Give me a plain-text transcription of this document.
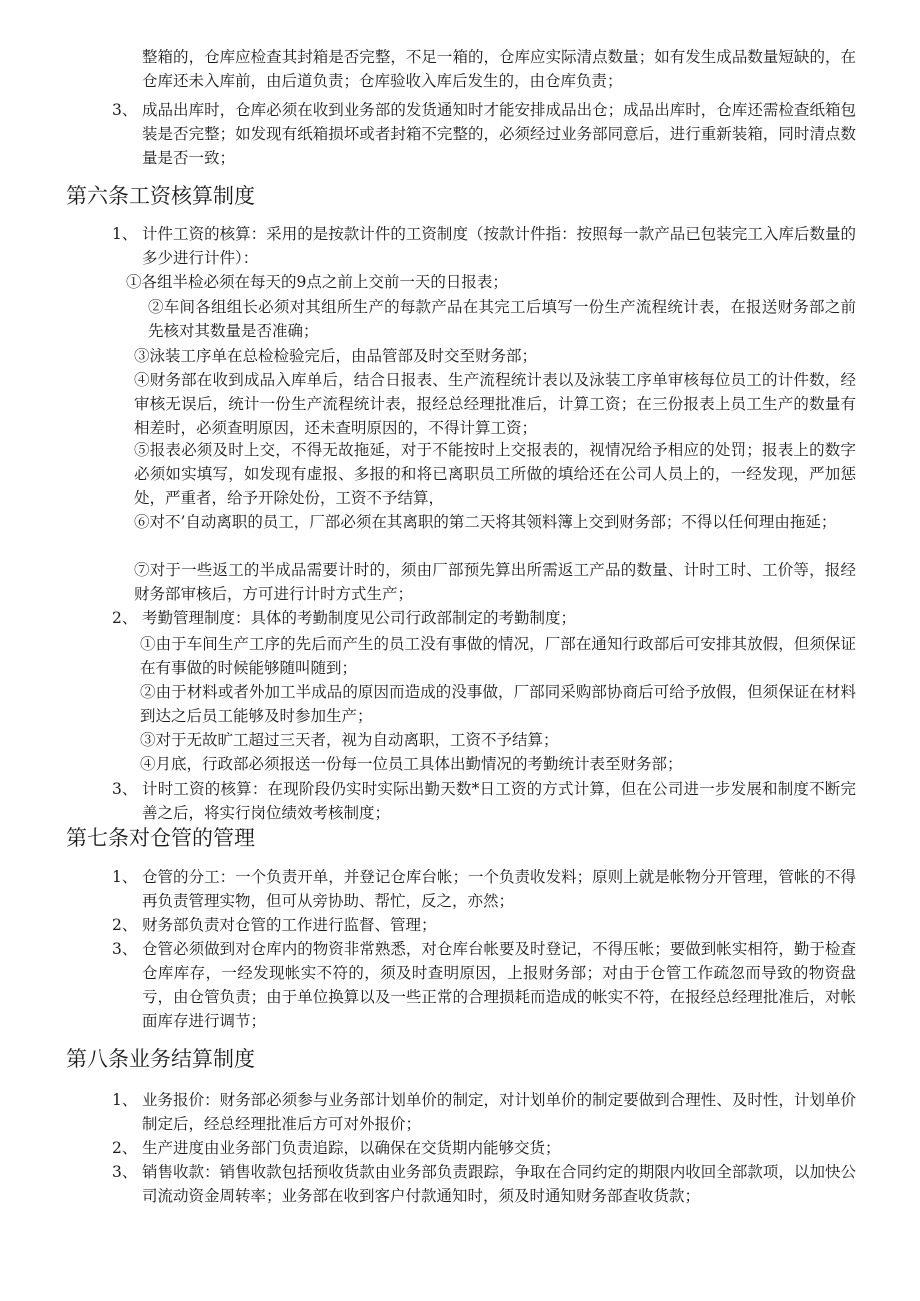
整箱的，仓库应检查其封箱是否完整，不足一箱的，仓库应实际清点数量；如有发生成品数量短缺的，在仓库还未入库前，由后道负责；仓库验收入库后发生的，由仓库负责；
3、 成品出库时，仓库必须在收到业务部的发货通知时才能安排成品出仓；成品出库时，仓库还需检查纸箱包装是否完整；如发现有纸箱损坏或者封箱不完整的，必须经过业务部同意后，进行重新装箱，同时清点数量是否一致；
第六条工资核算制度
1、 计件工资的核算：采用的是按款计件的工资制度（按款计件指：按照每一款产品已包装完工入库后数量的多少进行计件）：
①各组半检必须在每天的9点之前上交前一天的日报表；
②车间各组组长必须对其组所生产的每款产品在其完工后填写一份生产流程统计表，在报送财务部之前先核对其数量是否准确；
③泳装工序单在总检检验完后，由品管部及时交至财务部；
④财务部在收到成品入库单后，结合日报表、生产流程统计表以及泳装工序单审核每位员工的计件数，经审核无误后，统计一份生产流程统计表，报经总经理批准后，计算工资；在三份报表上员工生产的数量有相差时，必须查明原因，还未查明原因的，不得计算工资；
⑤报表必须及时上交，不得无故拖延，对于不能按时上交报表的，视情况给予相应的处罚；报表上的数字必须如实填写，如发现有虚报、多报的和将已离职员工所做的填给还在公司人员上的，一经发现，严加惩处，严重者，给予开除处份，工资不予结算，
⑥对不’自动离职的员工，厂部必须在其离职的第二天将其领料簿上交到财务部；不得以任何理由拖延；
⑦对于一些返工的半成品需要计时的，须由厂部预先算出所需返工产品的数量、计时工时、工价等，报经财务部审核后，方可进行计时方式生产；
2、 考勤管理制度：具体的考勤制度见公司行政部制定的考勤制度；
①由于车间生产工序的先后而产生的员工没有事做的情况，厂部在通知行政部后可安排其放假，但须保证在有事做的时候能够随叫随到；
②由于材料或者外加工半成品的原因而造成的没事做，厂部同采购部协商后可给予放假，但须保证在材料到达之后员工能够及时参加生产；
③对于无故旷工超过三天者，视为自动离职，工资不予结算；
④月底，行政部必须报送一份每一位员工具体出勤情况的考勤统计表至财务部；
3、 计时工资的核算：在现阶段仍实时实际出勤天数*日工资的方式计算，但在公司进一步发展和制度不断完善之后，将实行岗位绩效考核制度；
第七条对仓管的管理
1、 仓管的分工：一个负责开单，并登记仓库台帐；一个负责收发料；原则上就是帐物分开管理，管帐的不得再负责管理实物，但可从旁协助、帮忙，反之，亦然；
2、 财务部负责对仓管的工作进行监督、管理；
3、 仓管必须做到对仓库内的物资非常熟悉，对仓库台帐要及时登记，不得压帐；要做到帐实相符，勤于检查仓库库存，一经发现帐实不符的，须及时查明原因，上报财务部；对由于仓管工作疏忽而导致的物资盘亏，由仓管负责；由于单位换算以及一些正常的合理损耗而造成的帐实不符，在报经总经理批准后，对帐面库存进行调节；
第八条业务结算制度
1、 业务报价：财务部必须参与业务部计划单价的制定，对计划单价的制定要做到合理性、及时性，计划单价制定后，经总经理批准后方可对外报价；
2、 生产进度由业务部门负责追踪，以确保在交货期内能够交货；
3、 销售收款：销售收款包括预收货款由业务部负责跟踪，争取在合同约定的期限内收回全部款项，以加快公司流动资金周转率；业务部在收到客户付款通知时，须及时通知财务部查收货款；
